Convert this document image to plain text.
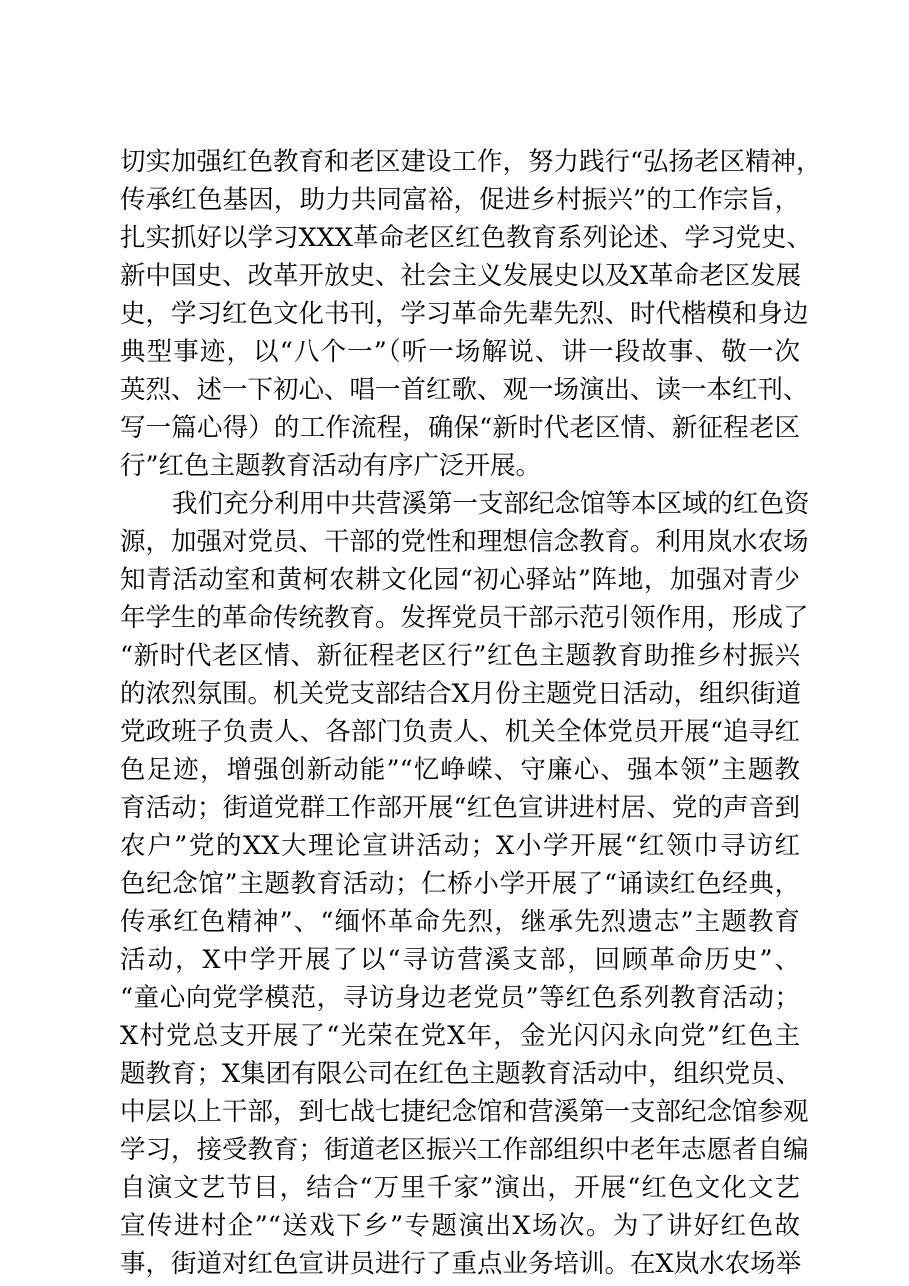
切实加强红色教育和老区建设工作，努力践行“弘扬老区精神，
传承红色基因，助力共同富裕，促进乡村振兴”的工作宗旨，
扎实抓好以学习XXX革命老区红色教育系列论述、学习党史、
新中国史、改革开放史、社会主义发展史以及X革命老区发展
史，学习红色文化书刊，学习革命先辈先烈、时代楷模和身边
典型事迹，以“八个一”（听一场解说、讲一段故事、敬一次
英烈、述一下初心、唱一首红歌、观一场演出、读一本红刊、
写一篇心得）的工作流程，确保“新时代老区情、新征程老区
行”红色主题教育活动有序广泛开展。
我们充分利用中共营溪第一支部纪念馆等本区域的红色资
源，加强对党员、干部的党性和理想信念教育。利用岚水农场
知青活动室和黄柯农耕文化园“初心驿站”阵地，加强对青少
年学生的革命传统教育。发挥党员干部示范引领作用，形成了
“新时代老区情、新征程老区行”红色主题教育助推乡村振兴
的浓烈氛围。机关党支部结合X月份主题党日活动，组织街道
党政班子负责人、各部门负责人、机关全体党员开展“追寻红
色足迹，增强创新动能”“忆峥嵘、守廉心、强本领”主题教
育活动；街道党群工作部开展“红色宣讲进村居、党的声音到
农户”党的XX大理论宣讲活动；X小学开展“红领巾寻访红
色纪念馆”主题教育活动；仁桥小学开展了“诵读红色经典，
传承红色精神”、“缅怀革命先烈，继承先烈遗志”主题教育
活动，X中学开展了以“寻访营溪支部，回顾革命历史”、
“童心向党学模范，寻访身边老党员”等红色系列教育活动；
X村党总支开展了“光荣在党X年，金光闪闪永向党”红色主
题教育；X集团有限公司在红色主题教育活动中，组织党员、
中层以上干部，到七战七捷纪念馆和营溪第一支部纪念馆参观
学习，接受教育；街道老区振兴工作部组织中老年志愿者自编
自演文艺节目，结合“万里千家”演出，开展“红色文化文艺
宣传进村企”“送戏下乡”专题演出X场次。为了讲好红色故
事，街道对红色宣讲员进行了重点业务培训。在X岚水农场举
